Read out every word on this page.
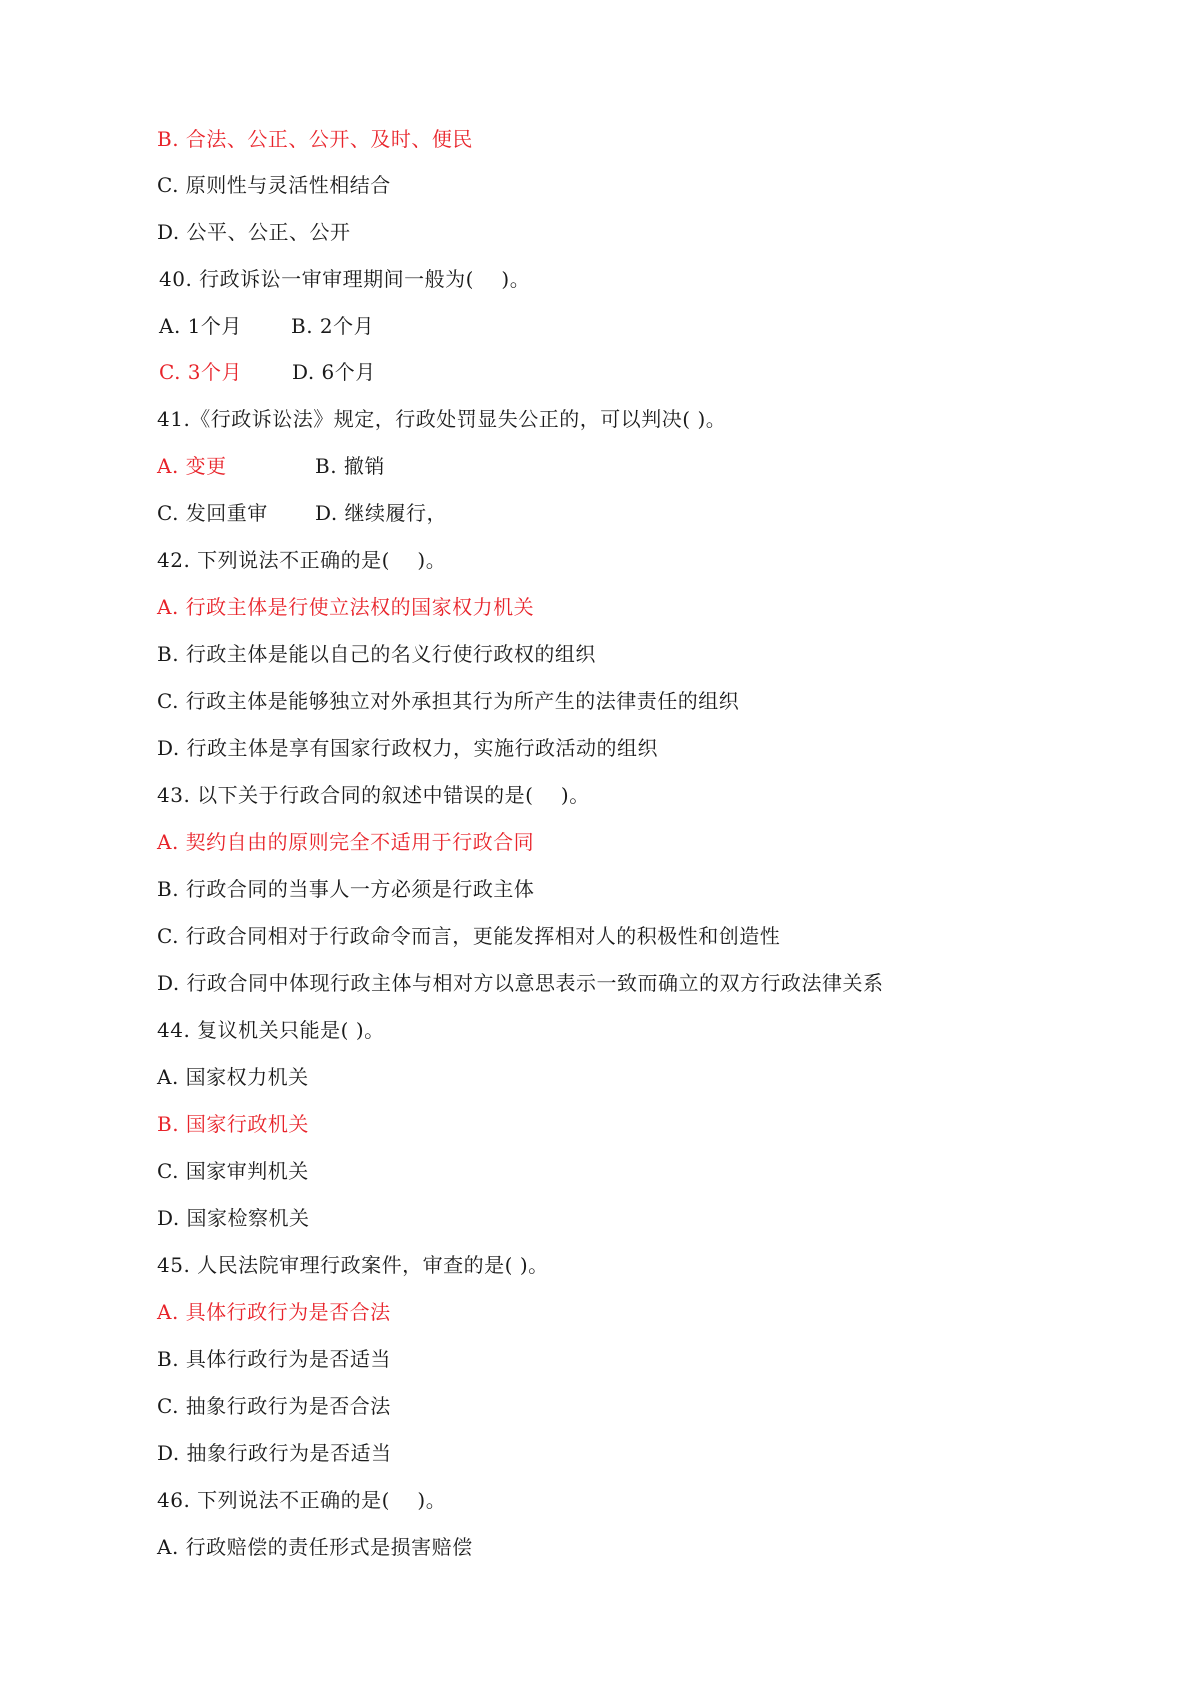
B. 合法、公正、公开、及时、便民
C. 原则性与灵活性相结合
D. 公平、公正、公开
40. 行政诉讼一审审理期间一般为(    )。

A. 1个月

B. 2个月

C. 3个月

D. 6个月

41.《行政诉讼法》规定，行政处罚显失公正的，可以判决( )。

A. 变更

	B. 撤销

C. 发回重审

D. 继续履行，

42. 下列说法不正确的是(    )。
A. 行政主体是行使立法权的国家权力机关
B. 行政主体是能以自己的名义行使行政权的组织
C. 行政主体是能够独立对外承担其行为所产生的法律责任的组织
D. 行政主体是享有国家行政权力，实施行政活动的组织
43. 以下关于行政合同的叙述中错误的是(    )。
A. 契约自由的原则完全不适用于行政合同
B. 行政合同的当事人一方必须是行政主体
C. 行政合同相对于行政命令而言，更能发挥相对人的积极性和创造性
D. 行政合同中体现行政主体与相对方以意思表示一致而确立的双方行政法律关系
44. 复议机关只能是( )。
A. 国家权力机关
B. 国家行政机关
C. 国家审判机关
D. 国家检察机关
45. 人民法院审理行政案件，审查的是( )。
A. 具体行政行为是否合法
B. 具体行政行为是否适当
C. 抽象行政行为是否合法
D. 抽象行政行为是否适当
46. 下列说法不正确的是(    )。
A. 行政赔偿的责任形式是损害赔偿
